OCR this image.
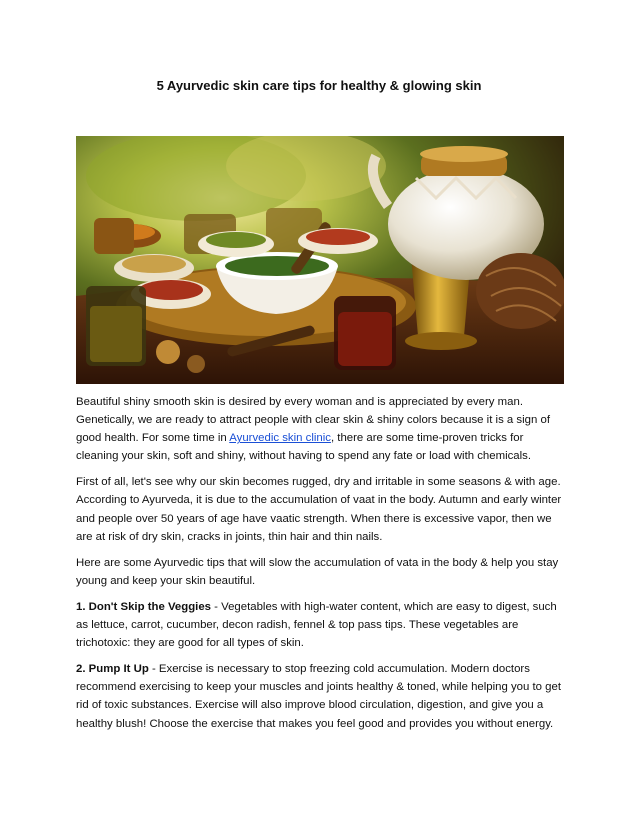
5 Ayurvedic skin care tips for healthy & glowing skin

Beautiful shiny smooth skin is desired by every woman and is appreciated by every man. Genetically, we are ready to attract people with clear skin & shiny colors because it is a sign of good health. For some time in Ayurvedic skin clinic, there are some time-proven tricks for cleaning your skin, soft and shiny, without having to spend any fate or load with chemicals.

First of all, let's see why our skin becomes rugged, dry and irritable in some seasons & with age. According to Ayurveda, it is due to the accumulation of vaat in the body. Autumn and early winter and people over 50 years of age have vaatic strength. When there is excessive vapor, then we are at risk of dry skin, cracks in joints, thin hair and thin nails.

Here are some Ayurvedic tips that will slow the accumulation of vata in the body & help you stay young and keep your skin beautiful.

1. Don't Skip the Veggies - Vegetables with high-water content, which are easy to digest, such as lettuce, carrot, cucumber, decon radish, fennel & top pass tips. These vegetables are trichotoxic: they are good for all types of skin.

2. Pump It Up - Exercise is necessary to stop freezing cold accumulation. Modern doctors recommend exercising to keep your muscles and joints healthy & toned, while helping you to get rid of toxic substances. Exercise will also improve blood circulation, digestion, and give you a healthy blush! Choose the exercise that makes you feel good and provides you without energy.
